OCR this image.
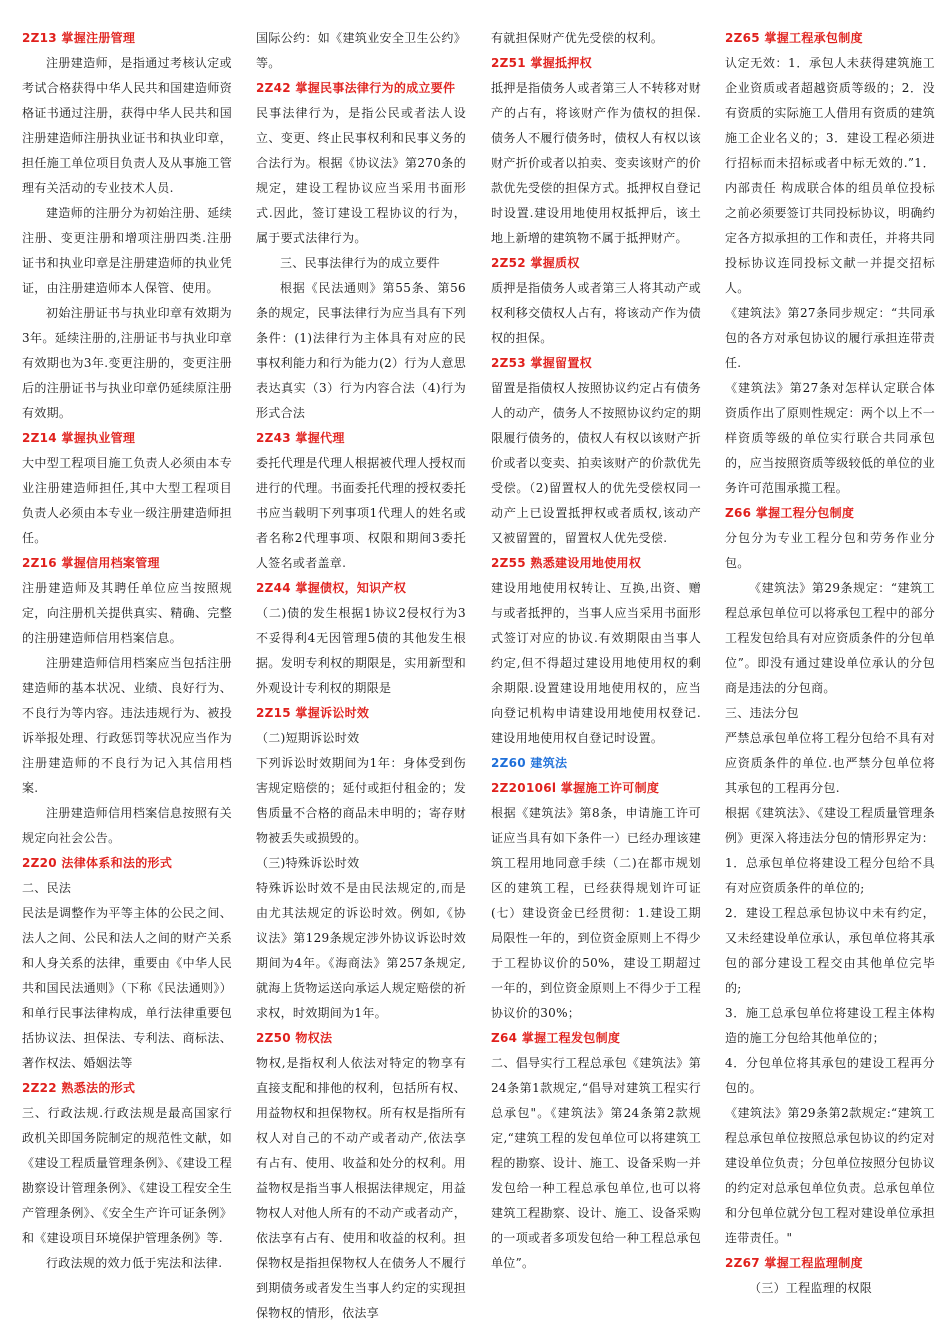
2Z13 掌握注册管理

注册建造师，是指通过考核认定或考试合格获得中华人民共和国建造师资格证书通过注册，获得中华人民共和国注册建造师注册执业证书和执业印章，担任施工单位项目负责人及从事施工管理有关活动的专业技术人员.

建造师的注册分为初始注册、延续注册、变更注册和增项注册四类.注册证书和执业印章是注册建造师的执业凭证，由注册建造师本人保管、使用。

初始注册证书与执业印章有效期为3年。延续注册的,注册证书与执业印章有效期也为3年.变更注册的，变更注册后的注册证书与执业印章仍延续原注册有效期。

2Z14 掌握执业管理

大中型工程项目施工负责人必须由本专业注册建造师担任,其中大型工程项目负责人必须由本专业一级注册建造师担任。

2Z16 掌握信用档案管理

注册建造师及其聘任单位应当按照规定，向注册机关提供真实、精确、完整的注册建造师信用档案信息。

注册建造师信用档案应当包括注册建造师的基本状况、业绩、良好行为、不良行为等内容。违法违规行为、被投诉举报处理、行政惩罚等状况应当作为注册建造师的不良行为记入其信用档案.

注册建造师信用档案信息按照有关规定向社会公告。

2Z20 法律体系和法的形式

二、民法

民法是调整作为平等主体的公民之间、法人之间、公民和法人之间的财产关系和人身关系的法律，重要由《中华人民共和国民法通则》（下称《民法通则》）和单行民事法律构成，单行法律重要包括协议法、担保法、专利法、商标法、著作权法、婚姻法等

2Z22 熟悉法的形式

三、行政法规.行政法规是最高国家行政机关即国务院制定的规范性文献，如《建设工程质量管理条例》、《建设工程勘察设计管理条例》、《建设工程安全生产管理条例》、《安全生产许可证条例》和《建设项目环境保护管理条例》等.

行政法规的效力低于宪法和法律.

国际公约：如《建筑业安全卫生公约》等。

2Z42 掌握民事法律行为的成立要件

民事法律行为，是指公民或者法人设立、变更、终止民事权利和民事义务的合法行为。根据《协议法》第270条的规定，建设工程协议应当采用书面形式.因此，签订建设工程协议的行为，属于要式法律行为。

三、民事法律行为的成立要件

根据《民法通则》第55条、第56条的规定，民事法律行为应当具有下列条件：(1)法律行为主体具有对应的民事权利能力和行为能力(2）行为人意思表达真实（3）行为内容合法（4)行为形式合法

2Z43 掌握代理

委托代理是代理人根据被代理人授权而进行的代理。书面委托代理的授权委托书应当载明下列事项1代理人的姓名或者名称2代理事项、权限和期间3委托人签名或者盖章.

2Z44 掌握债权，知识产权

（二)债的发生根据1协议2侵权行为3不妥得利4无因管理5债的其他发生根据。发明专利权的期限是，实用新型和外观设计专利权的期限是

2Z15 掌握诉讼时效

（二)短期诉讼时效

下列诉讼时效期间为1年：身体受到伤害规定赔偿的；延付或拒付租金的；发售质量不合格的商品未申明的；寄存财物被丢失或损毁的。

（三)特殊诉讼时效

特殊诉讼时效不是由民法规定的,而是由尤其法规定的诉讼时效。例如,《协议法》第129条规定涉外协议诉讼时效期间为4年。《海商法》第257条规定,就海上货物运送向承运人规定赔偿的祈求权，时效期间为1年。

2Z50 物权法

物权,是指权利人依法对特定的物享有直接支配和排他的权利，包括所有权、用益物权和担保物权。所有权是指所有权人对自己的不动产或者动产,依法享有占有、使用、收益和处分的权利。用益物权是指当事人根据法律规定，用益物权人对他人所有的不动产或者动产，依法享有占有、使用和收益的权利。担保物权是指担保物权人在债务人不履行到期债务或者发生当事人约定的实现担保物权的情形，依法享

有就担保财产优先受偿的权利。

2Z51 掌握抵押权

抵押是指债务人或者第三人不转移对财产的占有，将该财产作为债权的担保.债务人不履行债务时，债权人有权以该财产折价或者以拍卖、变卖该财产的价款优先受偿的担保方式。抵押权自登记时设置.建设用地使用权抵押后，该土地上新增的建筑物不属于抵押财产。

2Z52 掌握质权

质押是指债务人或者第三人将其动产或权利移交债权人占有，将该动产作为债权的担保。

2Z53 掌握留置权

留置是指债权人按照协议约定占有债务人的动产，债务人不按照协议约定的期限履行债务的，债权人有权以该财产折价或者以变卖、拍卖该财产的价款优先受偿。（2)留置权人的优先受偿权同一动产上已设置抵押权或者质权,该动产又被留置的，留置权人优先受偿.

2Z55 熟悉建设用地使用权

建设用地使用权转让、互换,出资、赠与或者抵押的，当事人应当采用书面形式签订对应的协议.有效期限由当事人约定,但不得超过建设用地使用权的剩余期限.设置建设用地使用权的，应当向登记机构申请建设用地使用权登记.建设用地使用权自登记时设置。

2Z60 建筑法

2Z20106l 掌握施工许可制度

根据《建筑法》第8条，申请施工许可证应当具有如下条件一）已经办理该建筑工程用地同意手续（二)在都市规划区的建筑工程，已经获得规划许可证(七）建设资金已经贯彻：1.建设工期局限性一年的，到位资金原则上不得少于工程协议价的50%，建设工期超过一年的，到位资金原则上不得少于工程协议价的30%；

Z64 掌握工程发包制度

二、倡导实行工程总承包《建筑法》第24条第1款规定,“倡导对建筑工程实行总承包"。《建筑法》第24条第2款规定,“建筑工程的发包单位可以将建筑工程的勘察、设计、施工、设备采购一并发包给一种工程总承包单位,也可以将建筑工程勘察、设计、施工、设备采购的一项或者多项发包给一种工程总承包单位”。

2Z65 掌握工程承包制度

认定无效：1．承包人未获得建筑施工企业资质或者超越资质等级的；2．没有资质的实际施工人借用有资质的建筑施工企业名义的；3．建设工程必须进行招标而未招标或者中标无效的.”1．内部责任 构成联合体的组员单位投标之前必须要签订共同投标协议，明确约定各方拟承担的工作和责任，并将共同投标协议连同投标文献一并提交招标人。

《建筑法》第27条同步规定：“共同承包的各方对承包协议的履行承担连带责任.

《建筑法》第27条对怎样认定联合体资质作出了原则性规定：两个以上不一样资质等级的单位实行联合共同承包的，应当按照资质等级较低的单位的业务许可范围承揽工程。

Z66 掌握工程分包制度

分包分为专业工程分包和劳务作业分包。

《建筑法》第29条规定：“建筑工程总承包单位可以将承包工程中的部分工程发包给具有对应资质条件的分包单位”。即没有通过建设单位承认的分包商是违法的分包商。

三、违法分包

严禁总承包单位将工程分包给不具有对应资质条件的单位.也严禁分包单位将其承包的工程再分包.

根据《建筑法》、《建设工程质量管理条例》更深入将违法分包的情形界定为：

1．总承包单位将建设工程分包给不具有对应资质条件的单位的;

2．建设工程总承包协议中未有约定，又未经建设单位承认，承包单位将其承包的部分建设工程交由其他单位完毕的;

3．施工总承包单位将建设工程主体构造的施工分包给其他单位的；

4．分包单位将其承包的建设工程再分包的。

《建筑法》第29条第2款规定:“建筑工程总承包单位按照总承包协议的约定对建设单位负责；分包单位按照分包协议的约定对总承包单位负责。总承包单位和分包单位就分包工程对建设单位承担连带责任。"

2Z67 掌握工程监理制度

（三）工程监理的权限
